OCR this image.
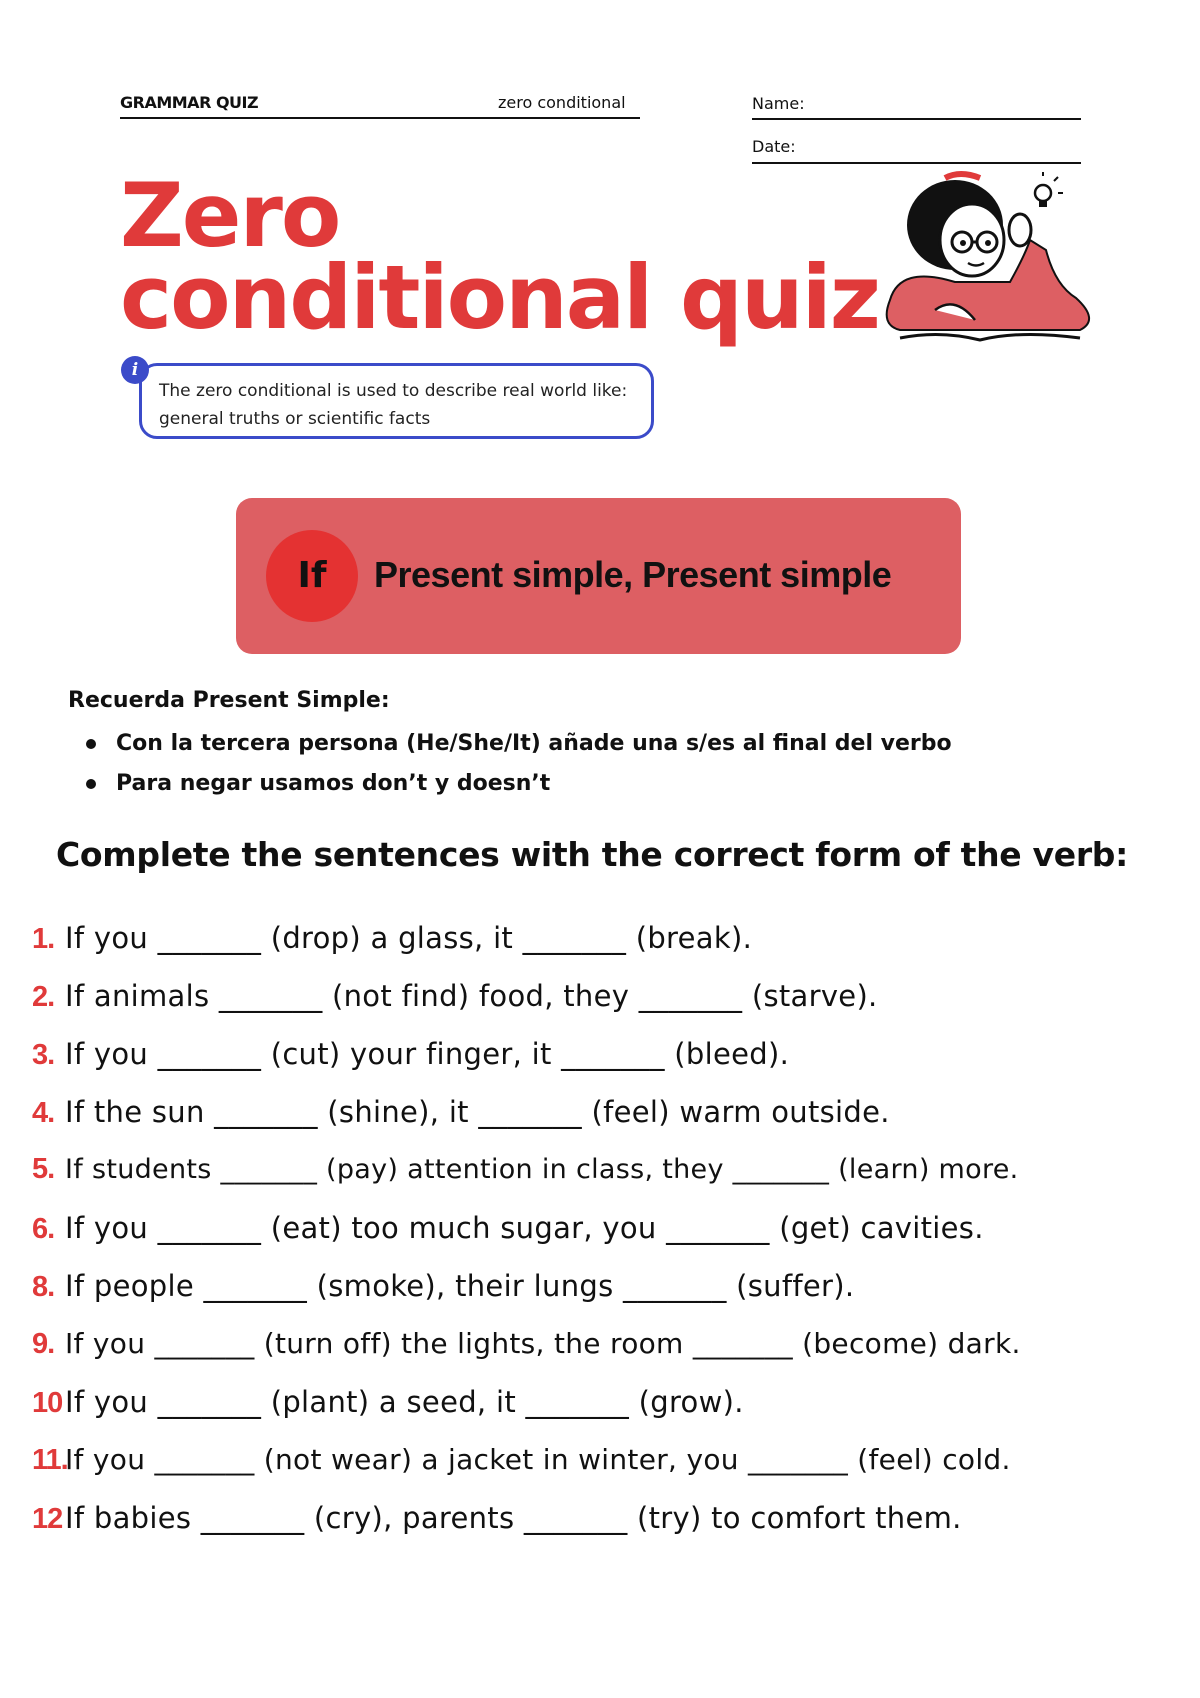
GRAMMAR QUIZ	zero conditional	Name:
Date:
Zero
conditional quiz
The zero conditional is used to describe real world like:
general truths or scientific facts
i
If	Present simple, Present simple
Recuerda Present Simple:
Con la tercera persona (He/She/It) añade una s/es al final del verbo
Para negar usamos don’t y doesn’t
Complete the sentences with the correct form of the verb:
1. If you _______ (drop) a glass, it _______ (break).
2. If animals _______ (not find) food, they _______ (starve).
3. If you _______ (cut) your finger, it _______ (bleed).
4. If the sun _______ (shine), it _______ (feel) warm outside.
5. If students _______ (pay) attention in class, they _______ (learn) more.
6. If you _______ (eat) too much sugar, you _______ (get) cavities.
8. If people _______ (smoke), their lungs _______ (suffer).
9. If you _______ (turn off) the lights, the room _______ (become) dark.
10If you _______ (plant) a seed, it _______ (grow).
11.If you _______ (not wear) a jacket in winter, you _______ (feel) cold.
12If babies _______ (cry), parents _______ (try) to comfort them.
